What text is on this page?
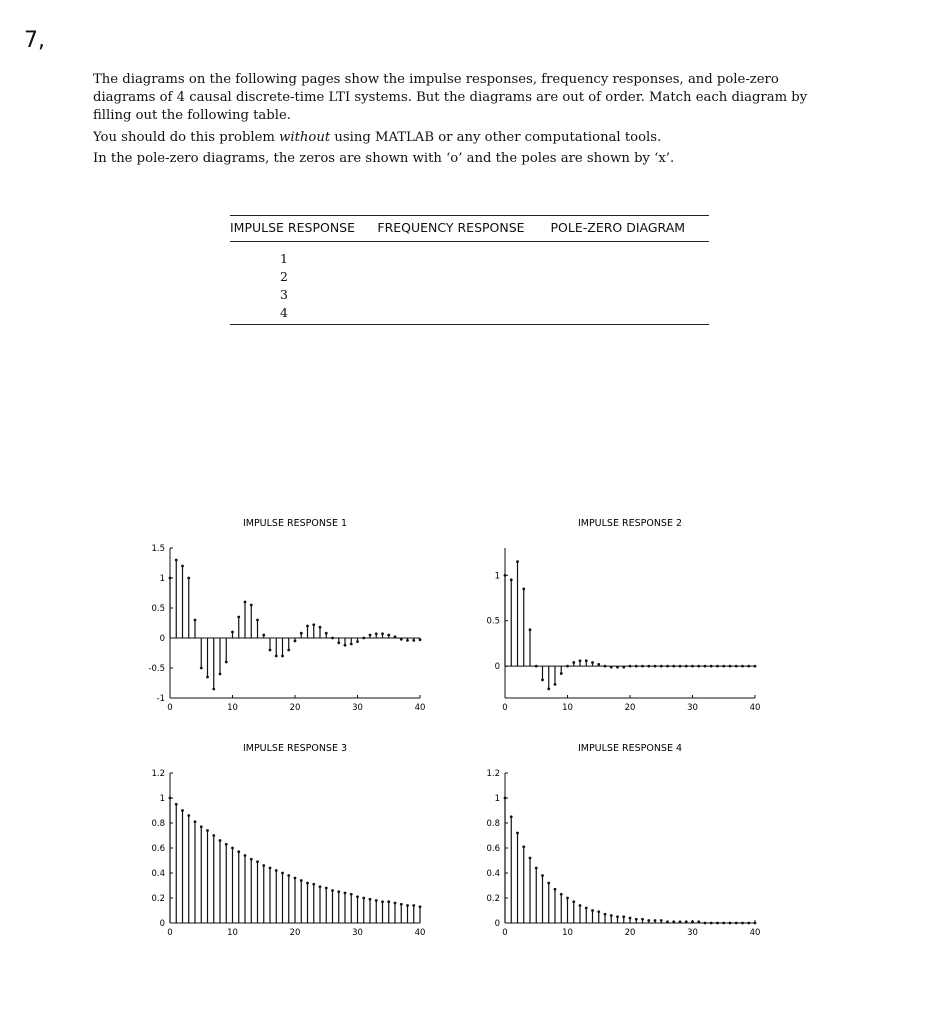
7,

The diagrams on the following pages show the impulse responses, frequency responses, and pole-zero diagrams of 4 causal discrete-time LTI systems. But the diagrams are out of order. Match each diagram by filling out the following table.

You should do this problem without using MATLAB or any other computational tools.

In the pole-zero diagrams, the zeros are shown with ‘o’ and the poles are shown by ‘x’.

IMPULSE RESPONSE	FREQUENCY RESPONSE	POLE-ZERO DIAGRAM
1		
2		
3		
4		
IMPULSE RESPONSE 1
0	10	20	30	40
1.5
1
0.5
0
-0.5
-1
IMPULSE RESPONSE 2
0	10	20	30	40
1
0.5
0
IMPULSE RESPONSE 3
0	10	20	30	40
1.2
1
0.8
0.6
0.4
0.2
0
IMPULSE RESPONSE 4
0	10	20	30	40
1.2
1
0.8
0.6
0.4
0.2
0
